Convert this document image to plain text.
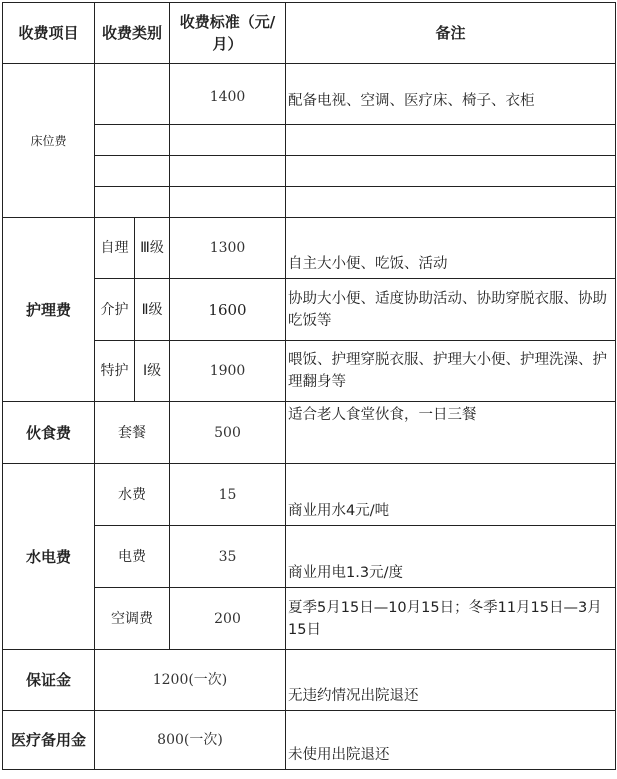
收费项目	收费类别		收费标准（元/月）	备注
床位费			1400	配备电视、空调、医疗床、椅子、衣柜

护理费	自理	Ⅲ级	1300	自主大小便、吃饭、活动
	介护	Ⅱ级	1600	协助大小便、适度协助活动、协助穿脱衣服、协助吃饭等
	特护	Ⅰ级	1900	喂饭、护理穿脱衣服、护理大小便、护理洗澡、护理翻身等
伙食费	套餐		500	适合老人食堂伙食，一日三餐
水电费	水费		15	商业用水4元/吨
	电费		35	商业用电1.3元/度
	空调费		200	夏季5月15日—10月15日；冬季11月15日—3月15日
保证金	1200(一次)			无违约情况出院退还
医疗备用金	800(一次)			未使用出院退还
